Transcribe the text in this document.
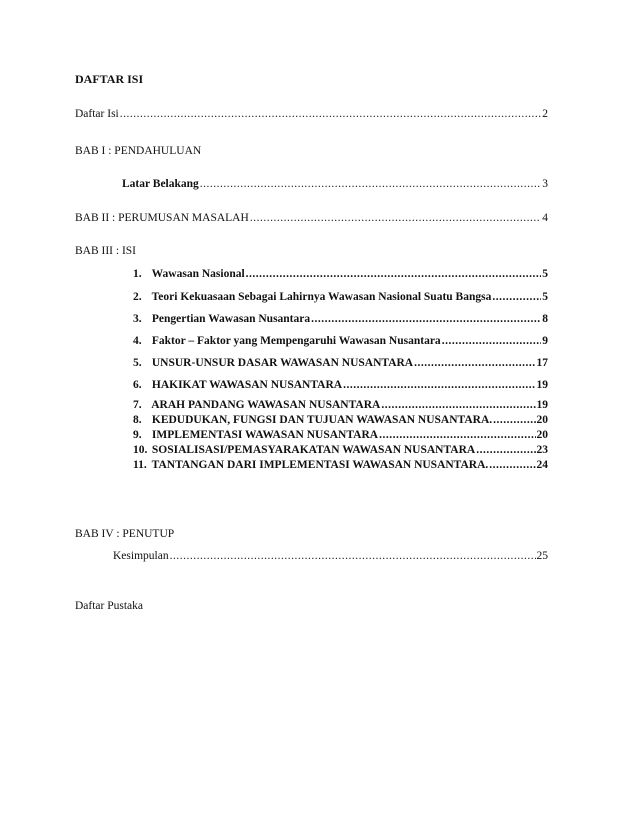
DAFTAR ISI
Daftar Isi .....	2
BAB I : PENDAHULUAN
Latar Belakang .....	3
BAB II : PERUMUSAN MASALAH .....	4
BAB III : ISI
1. Wawasan Nasional .....	5
2. Teori Kekuasaan Sebagai Lahirnya Wawasan Nasional Suatu Bangsa .....	5
3. Pengertian Wawasan Nusantara .....	8
4. Faktor – Faktor yang Mempengaruhi Wawasan Nusantara .....	9
5. UNSUR-UNSUR DASAR WAWASAN NUSANTARA .....	17
6. HAKIKAT WAWASAN NUSANTARA .....	19
7. ARAH PANDANG WAWASAN NUSANTARA .....	19
8. KEDUDUKAN, FUNGSI DAN TUJUAN WAWASAN NUSANTARA. .....	20
9. IMPLEMENTASI WAWASAN NUSANTARA .....	20
10. SOSIALISASI/PEMASYARAKATAN WAWASAN NUSANTARA .....	23
11. TANTANGAN DARI IMPLEMENTASI WAWASAN NUSANTARA. .....	24
BAB IV : PENUTUP
Kesimpulan .....	25
Daftar Pustaka
